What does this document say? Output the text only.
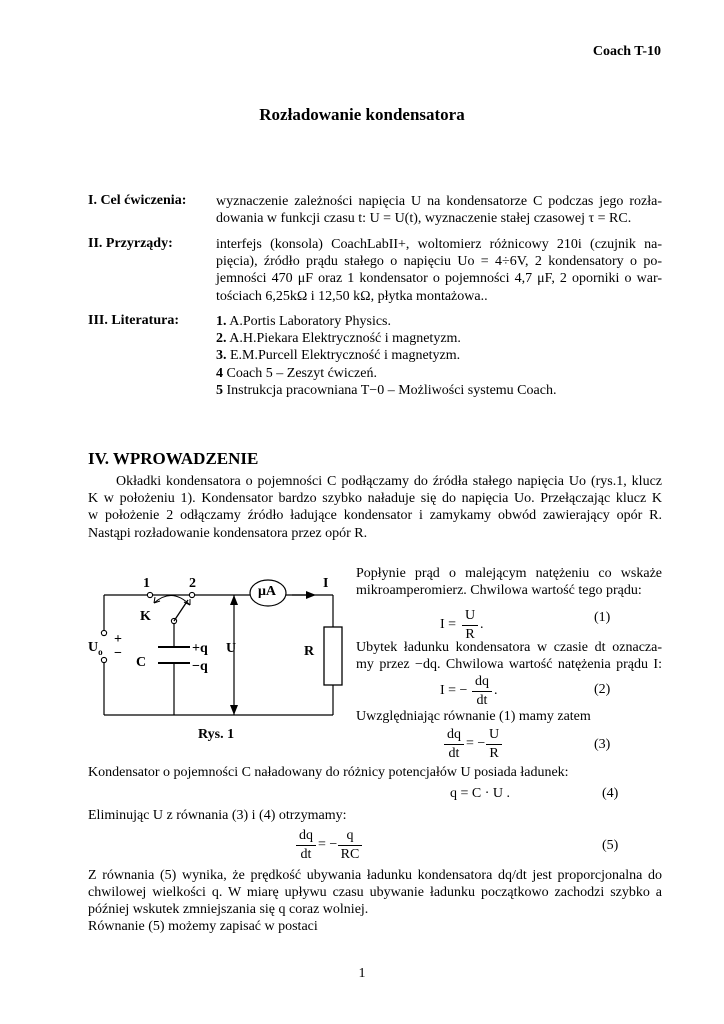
Coach T-10
Rozładowanie kondensatora
I. Cel ćwiczenia: wyznaczenie zależności napięcia U na kondensatorze C podczas jego rozła-
dowania w funkcji czasu t: U = U(t), wyznaczenie stałej czasowej τ = RC.
II. Przyrządy:	interfejs (konsola) CoachLabII+, woltomierz różnicowy 210i (czujnik na-
pięcia), źródło prądu stałego o napięciu Uo = 4÷6V, 2 kondensatory o po-
jemności 470 μF oraz 1 kondensator o pojemności 4,7 μF, 2 oporniki o war-
tościach 6,25kΩ i 12,50 kΩ, płytka montażowa..
III. Literatura:	1. A.Portis Laboratory Physics.
2. A.H.Piekara Elektryczność i magnetyzm.
3. E.M.Purcell Elektryczność i magnetyzm.
4 Coach 5 – Zeszyt ćwiczeń.
5 Instrukcja pracowniana T−0 – Możliwości systemu Coach.
IV. WPROWADZENIE
Okładki kondensatora o pojemności C podłączamy do źródła stałego napięcia Uo (rys.1, klucz
K w położeniu 1). Kondensator bardzo szybko naładuje się do napięcia Uo. Przełączając klucz K
w położenie 2 odłączamy źródło ładujące kondensator i zamykamy obwód zawierający opór R.
Nastąpi rozładowanie kondensatora przez opór R.
1	2
K
$U_o$
+
−
C
+q
−q
U
μA
I
R
Rys. 1
Popłynie prąd o malejącym natężeniu co wskaże
mikroamperomierz. Chwilowa wartość tego prądu:
I =
U
R
.	(1)
Ubytek ładunku kondensatora w czasie dt oznacza-
my przez −dq. Chwilowa wartość natężenia prądu I:
I = −
dq
dt
.	(2)
Uwzględniając równanie (1) mamy zatem
dq
dt
= −
U
R
(3)
Kondensator o pojemności C naładowany do różnicy potencjałów U posiada ładunek:
q = C · U .	(4)
Eliminując U z równania (3) i (4) otrzymamy:
dq
dt
= −
q
RC
(5)
Z równania (5) wynika, że prędkość ubywania ładunku kondensatora dq/dt jest proporcjonalna do
chwilowej wielkości q. W miarę upływu czasu ubywanie ładunku początkowo zachodzi szybko a
później wskutek zmniejszania się q coraz wolniej.
Równanie (5) możemy zapisać w postaci
1
